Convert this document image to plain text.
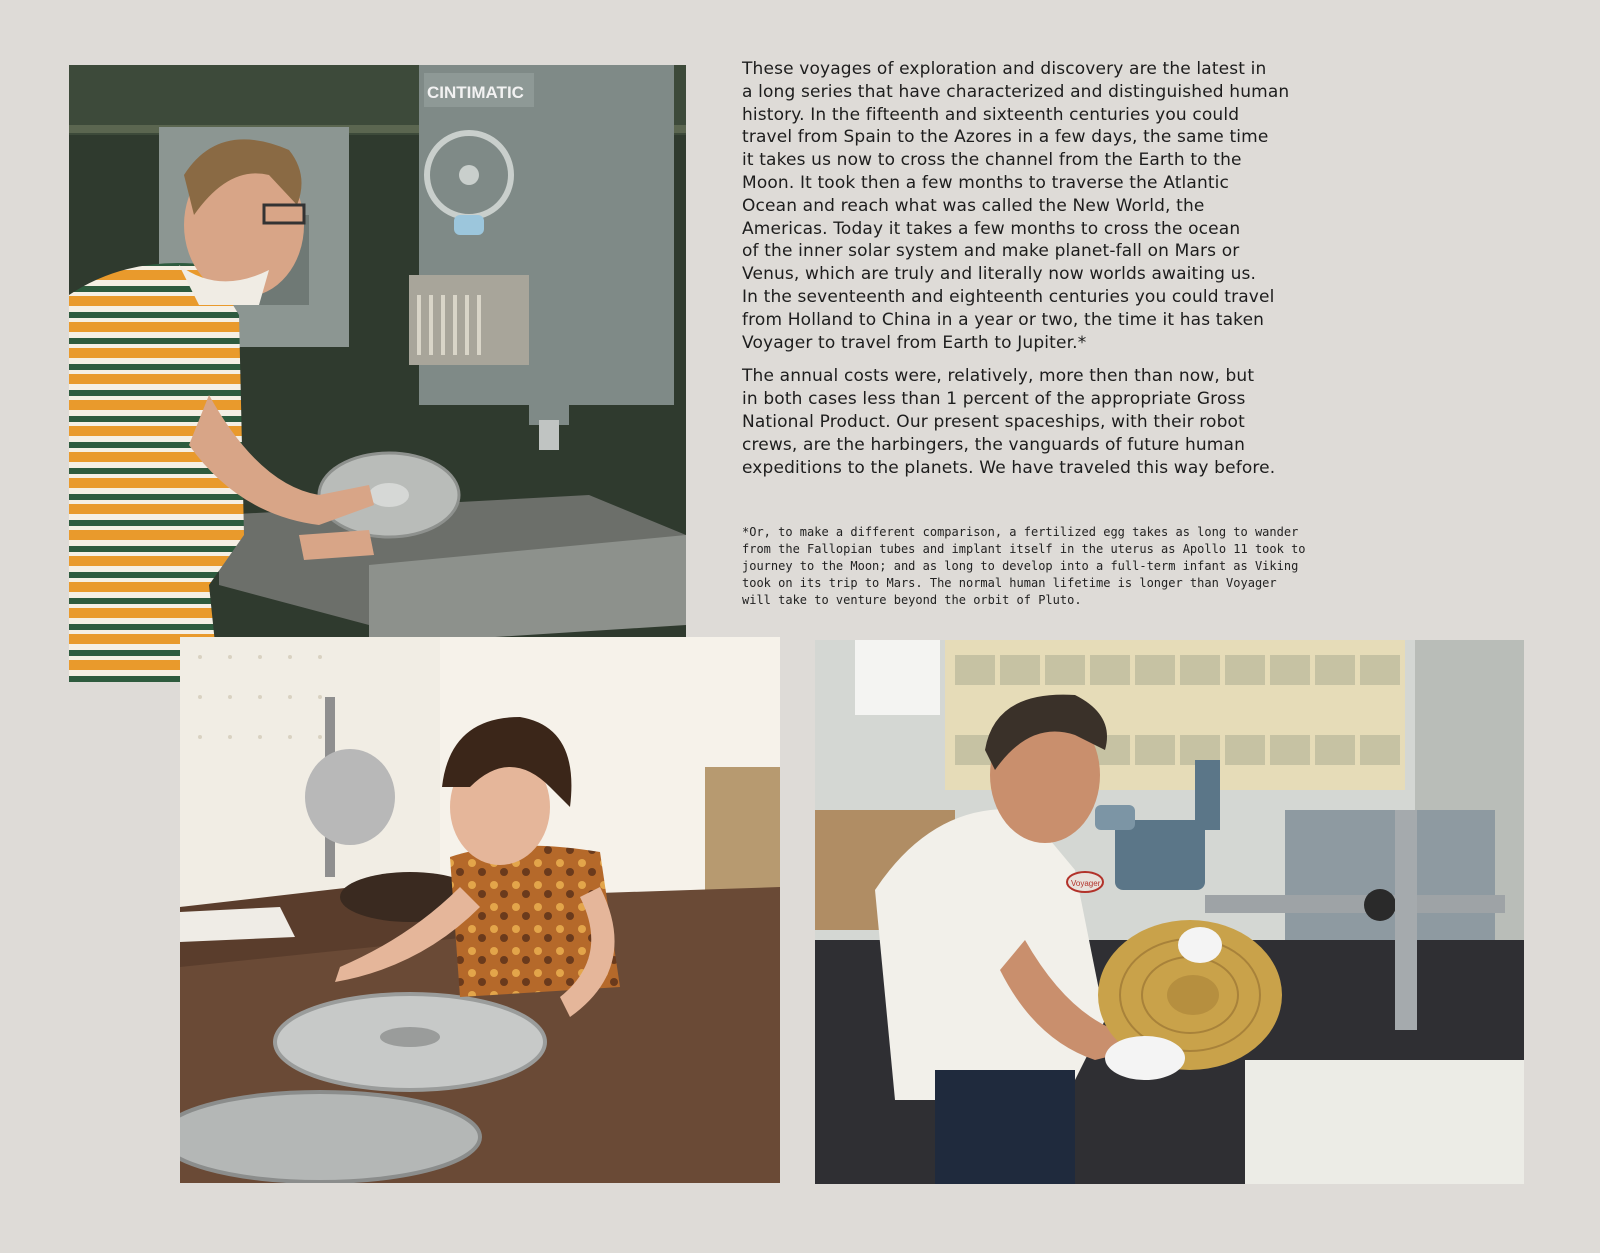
CINTIMATIC
Voyager

These voyages of exploration and discovery are the latest in
a long series that have characterized and distinguished human
history. In the fifteenth and sixteenth centuries you could
travel from Spain to the Azores in a few days, the same time
it takes us now to cross the channel from the Earth to the
Moon. It took then a few months to traverse the Atlantic
Ocean and reach what was called the New World, the
Americas. Today it takes a few months to cross the ocean
of the inner solar system and make planet-fall on Mars or
Venus, which are truly and literally now worlds awaiting us.
In the seventeenth and eighteenth centuries you could travel
from Holland to China in a year or two, the time it has taken
Voyager to travel from Earth to Jupiter.*

The annual costs were, relatively, more then than now, but
in both cases less than 1 percent of the appropriate Gross
National Product. Our present spaceships, with their robot
crews, are the harbingers, the vanguards of future human
expeditions to the planets. We have traveled this way before.

*Or, to make a different comparison, a fertilized egg takes as long to wander
from the Fallopian tubes and implant itself in the uterus as Apollo 11 took to
journey to the Moon; and as long to develop into a full-term infant as Viking
took on its trip to Mars. The normal human lifetime is longer than Voyager
will take to venture beyond the orbit of Pluto.
